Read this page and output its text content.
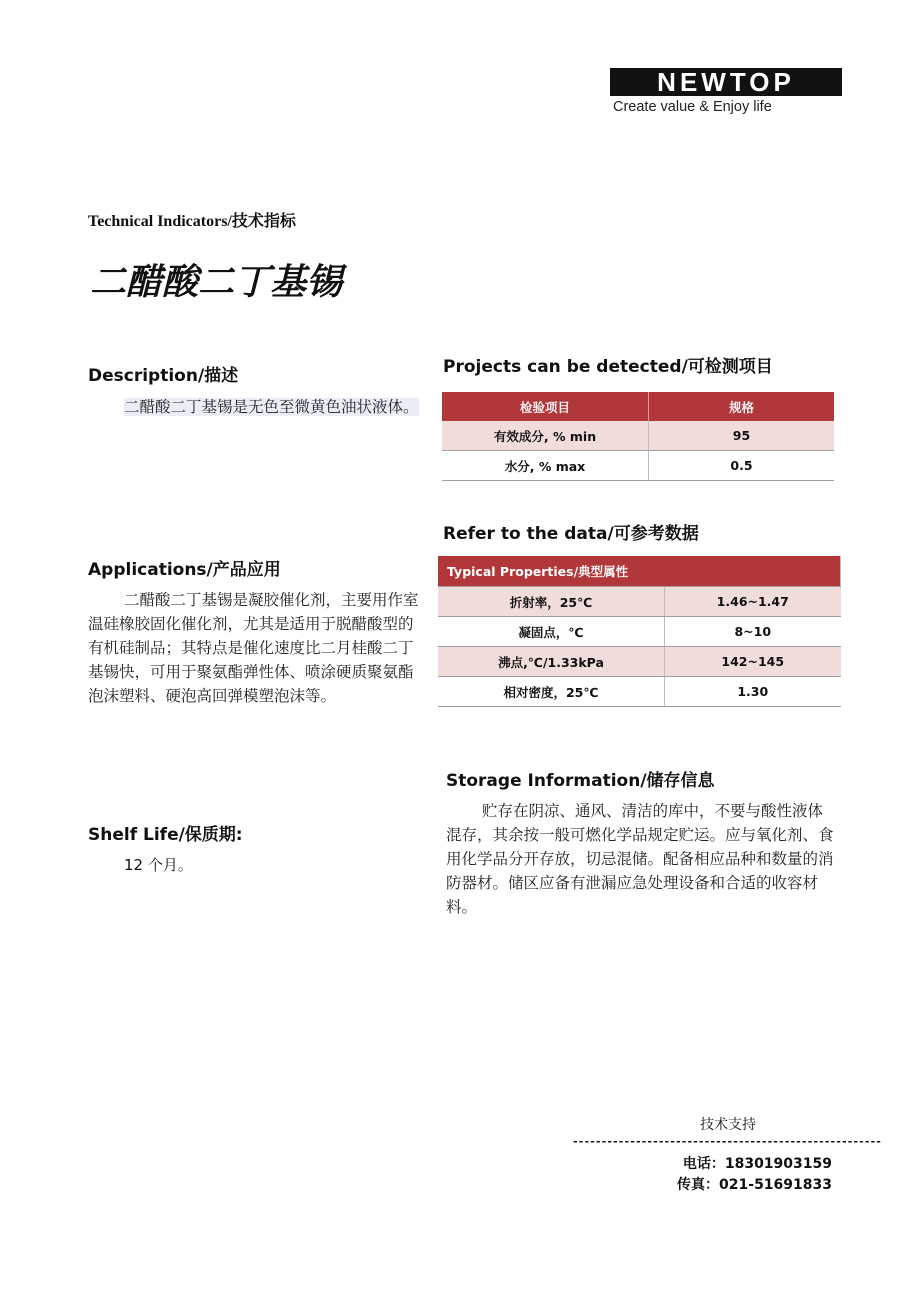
NEWTOP
Create value & Enjoy life
Technical Indicators/技术指标
二醋酸二丁基锡
Description/描述
二醋酸二丁基锡是无色至微黄色油状液体。
Applications/产品应用
二醋酸二丁基锡是凝胶催化剂，主要用作室温硅橡胶固化催化剂，尤其是适用于脱醋酸型的有机硅制品；其特点是催化速度比二月桂酸二丁基锡快，可用于聚氨酯弹性体、喷涂硬质聚氨酯泡沫塑料、硬泡高回弹模塑泡沫等。
Shelf Life/保质期:
12 个月。
Projects can be detected/可检测项目
检验项目	规格
有效成分, % min	95
水分, % max	0.5
Refer to the data/可参考数据
Typical Properties/典型属性	
折射率，25℃	1.46~1.47
凝固点，℃	8~10
沸点,℃/1.33kPa	142~145
相对密度，25℃	1.30
Storage Information/储存信息
贮存在阴凉、通风、清洁的库中，不要与酸性液体混存，其余按一般可燃化学品规定贮运。应与氧化剂、食用化学品分开存放，切忌混储。配备相应品种和数量的消防器材。储区应备有泄漏应急处理设备和合适的收容材料。
技术支持
------------------------------------------------------
电话：18301903159
传真：021-51691833
